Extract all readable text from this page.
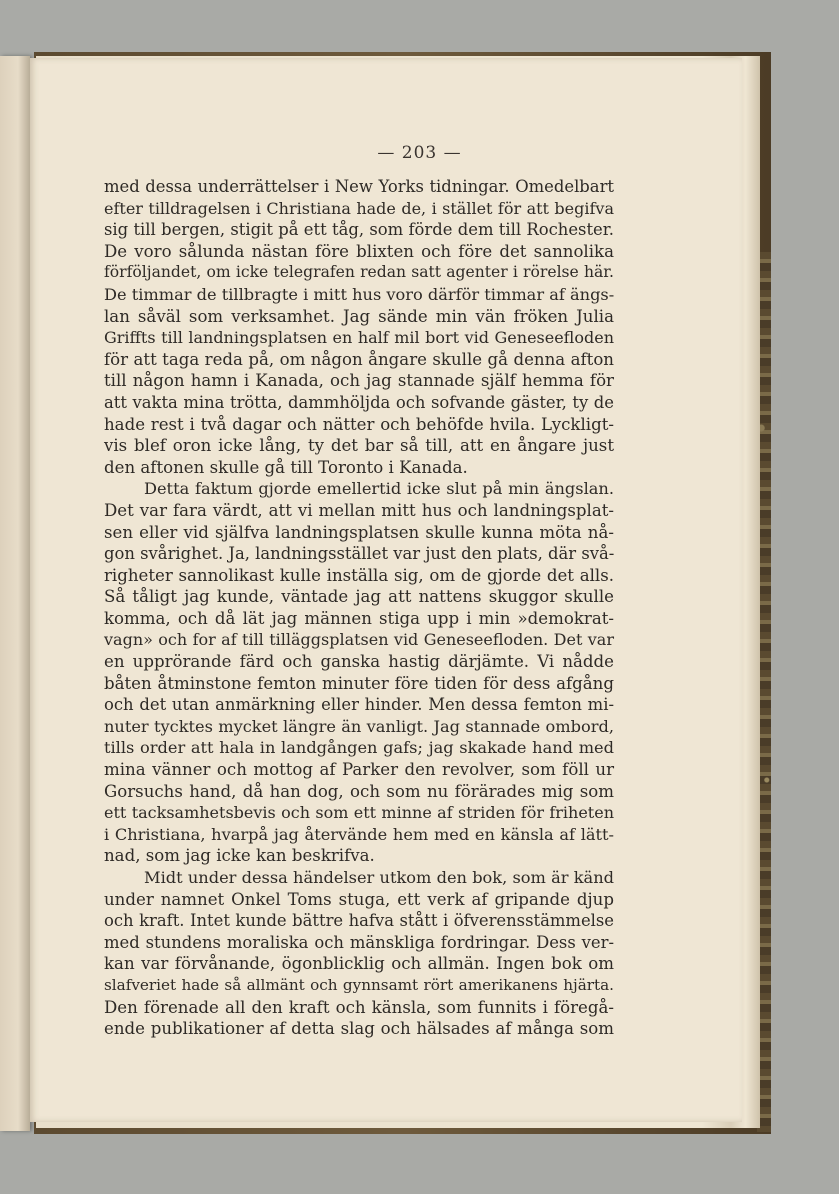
— 203 —
med dessa underrättelser i New Yorks tidningar. Omedelbart
efter tilldragelsen i Christiana hade de, i stället för att begifva
sig till bergen, stigit på ett tåg, som förde dem till Rochester.
De voro sålunda nästan före blixten och före det sannolika
förföljandet, om icke telegrafen redan satt agenter i rörelse här.
De timmar de tillbragte i mitt hus voro därför timmar af ängs-
lan såväl som verksamhet. Jag sände min vän fröken Julia
Griffts till landningsplatsen en half mil bort vid Geneseefloden
för att taga reda på, om någon ångare skulle gå denna afton
till någon hamn i Kanada, och jag stannade själf hemma för
att vakta mina trötta, dammhöljda och sofvande gäster, ty de
hade rest i två dagar och nätter och behöfde hvila. Lyckligt-
vis blef oron icke lång, ty det bar så till, att en ångare just
den aftonen skulle gå till Toronto i Kanada.
Detta faktum gjorde emellertid icke slut på min ängslan.
Det var fara värdt, att vi mellan mitt hus och landningsplat-
sen eller vid själfva landningsplatsen skulle kunna möta nå-
gon svårighet. Ja, landningsstället var just den plats, där svå-
righeter sannolikast kulle inställa sig, om de gjorde det alls.
Så tåligt jag kunde, väntade jag att nattens skuggor skulle
komma, och då lät jag männen stiga upp i min »demokrat-
vagn» och for af till tilläggsplatsen vid Geneseefloden. Det var
en upprörande färd och ganska hastig därjämte. Vi nådde
båten åtminstone femton minuter före tiden för dess afgång
och det utan anmärkning eller hinder. Men dessa femton mi-
nuter tycktes mycket längre än vanligt. Jag stannade ombord,
tills order att hala in landgången gafs; jag skakade hand med
mina vänner och mottog af Parker den revolver, som föll ur
Gorsuchs hand, då han dog, och som nu förärades mig som
ett tacksamhetsbevis och som ett minne af striden för friheten
i Christiana, hvarpå jag återvände hem med en känsla af lätt-
nad, som jag icke kan beskrifva.
Midt under dessa händelser utkom den bok, som är känd
under namnet Onkel Toms stuga, ett verk af gripande djup
och kraft. Intet kunde bättre hafva stått i öfverensstämmelse
med stundens moraliska och mänskliga fordringar. Dess ver-
kan var förvånande, ögonblicklig och allmän. Ingen bok om
slafveriet hade så allmänt och gynnsamt rört amerikanens hjärta.
Den förenade all den kraft och känsla, som funnits i föregå-
ende publikationer af detta slag och hälsades af många som
